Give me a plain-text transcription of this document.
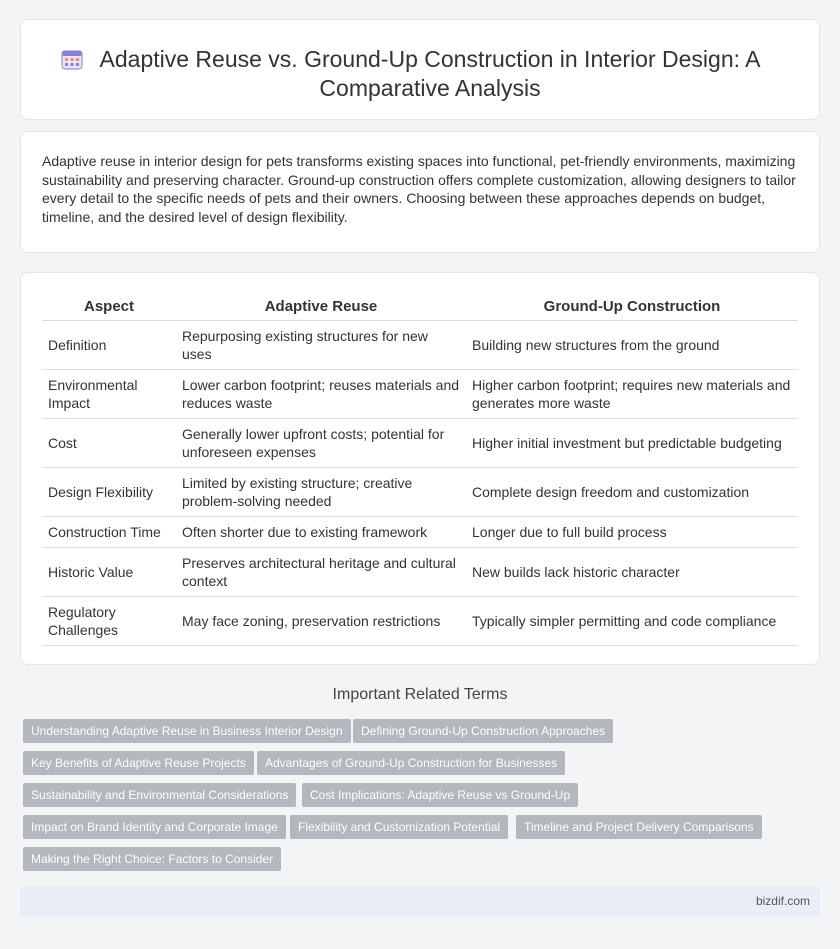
Adaptive Reuse vs. Ground-Up Construction in Interior Design: A Comparative Analysis

Adaptive reuse in interior design for pets transforms existing spaces into functional, pet-friendly environments, maximizing sustainability and preserving character. Ground-up construction offers complete customization, allowing designers to tailor every detail to the specific needs of pets and their owners. Choosing between these approaches depends on budget, timeline, and the desired level of design flexibility.

Aspect	Adaptive Reuse	Ground-Up Construction
Definition	Repurposing existing structures for new uses	Building new structures from the ground
Environmental Impact	Lower carbon footprint; reuses materials and reduces waste	Higher carbon footprint; requires new materials and generates more waste
Cost	Generally lower upfront costs; potential for unforeseen expenses	Higher initial investment but predictable budgeting
Design Flexibility	Limited by existing structure; creative problem-solving needed	Complete design freedom and customization
Construction Time	Often shorter due to existing framework	Longer due to full build process
Historic Value	Preserves architectural heritage and cultural context	New builds lack historic character
Regulatory Challenges	May face zoning, preservation restrictions	Typically simpler permitting and code compliance
Important Related Terms
Understanding Adaptive Reuse in Business Interior Design	Defining Ground-Up Construction Approaches
Key Benefits of Adaptive Reuse Projects	Advantages of Ground-Up Construction for Businesses
Sustainability and Environmental Considerations	Cost Implications: Adaptive Reuse vs Ground-Up
Impact on Brand Identity and Corporate Image	Flexibility and Customization Potential	Timeline and Project Delivery Comparisons
Making the Right Choice: Factors to Consider
bizdif.com
